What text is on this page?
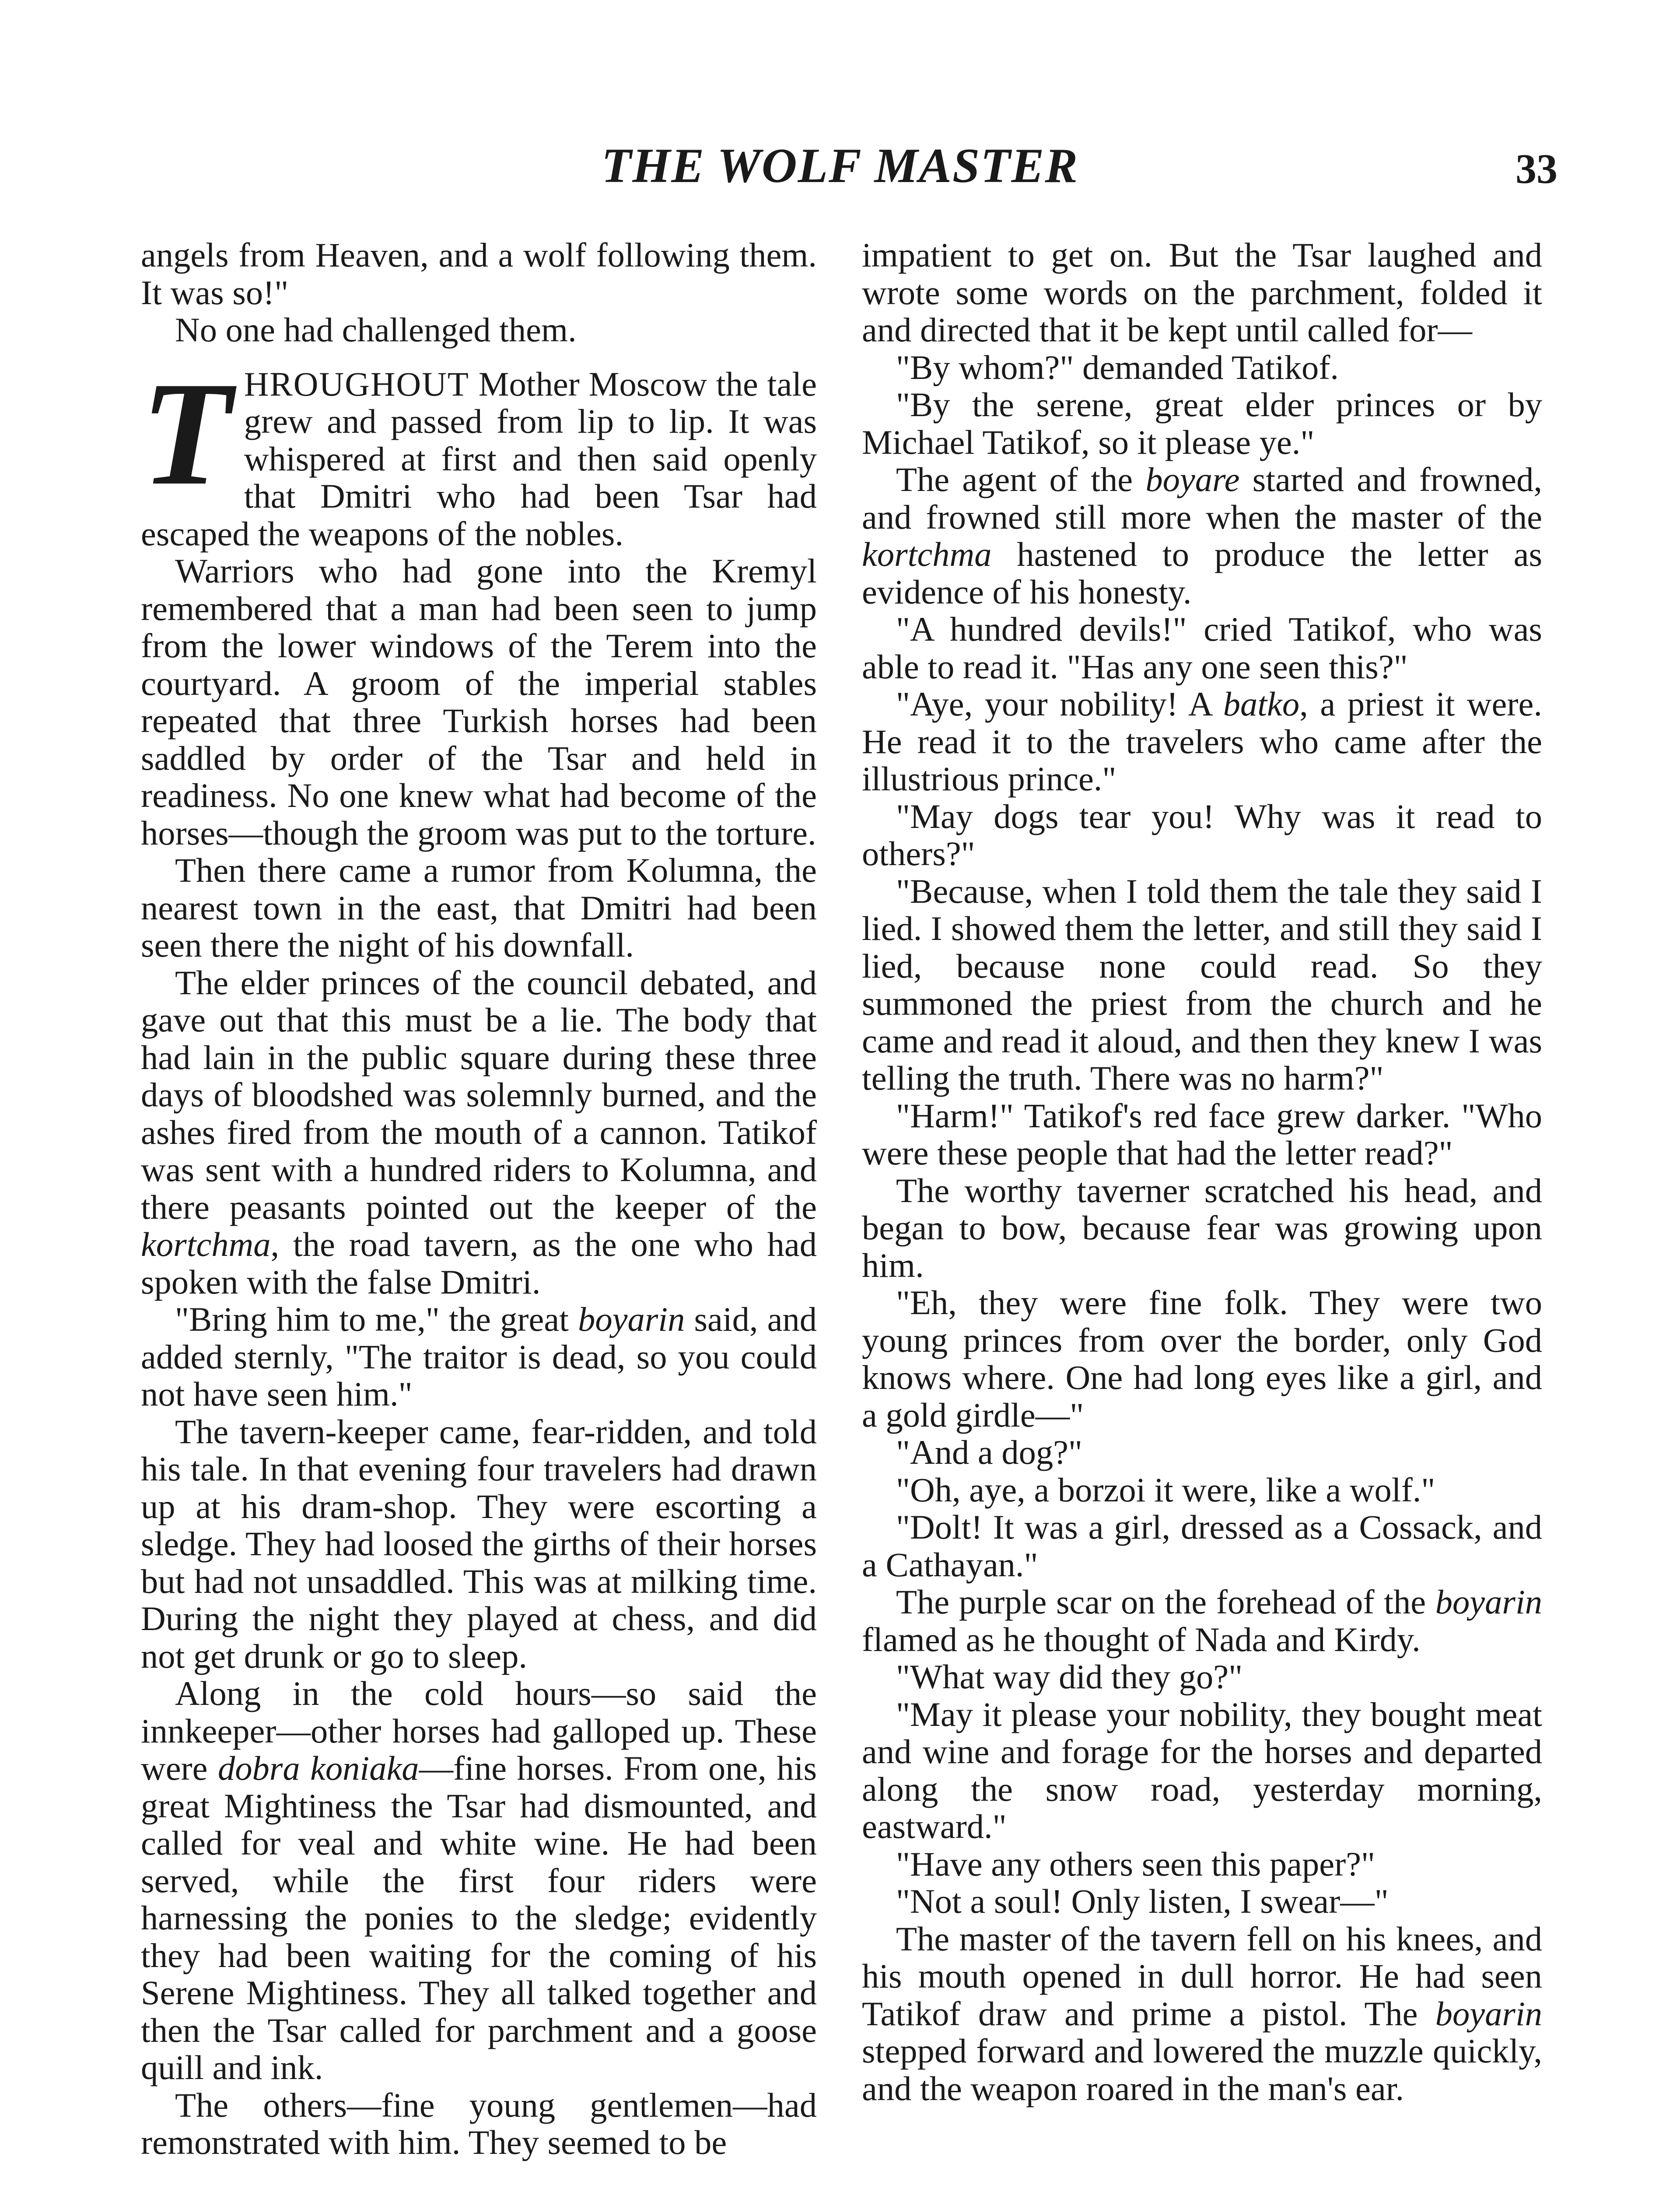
THE WOLF MASTER	33

angels from Heaven, and a wolf following them. It was so!"

No one had challenged them.

THROUGHOUT Mother Moscow the tale grew and passed from lip to lip. It was whispered at first and then said openly that Dmitri who had been Tsar had escaped the weapons of the nobles.

Warriors who had gone into the Kremyl remembered that a man had been seen to jump from the lower windows of the Terem into the courtyard. A groom of the imperial stables repeated that three Turkish horses had been saddled by order of the Tsar and held in readiness. No one knew what had become of the horses—though the groom was put to the torture.

Then there came a rumor from Kolumna, the nearest town in the east, that Dmitri had been seen there the night of his downfall.

The elder princes of the council debated, and gave out that this must be a lie. The body that had lain in the public square during these three days of bloodshed was solemnly burned, and the ashes fired from the mouth of a cannon. Tatikof was sent with a hundred riders to Kolumna, and there peasants pointed out the keeper of the kortchma, the road tavern, as the one who had spoken with the false Dmitri.

"Bring him to me," the great boyarin said, and added sternly, "The traitor is dead, so you could not have seen him."

The tavern-keeper came, fear-ridden, and told his tale. In that evening four travelers had drawn up at his dram-shop. They were escorting a sledge. They had loosed the girths of their horses but had not unsaddled. This was at milking time. During the night they played at chess, and did not get drunk or go to sleep.

Along in the cold hours—so said the innkeeper—other horses had galloped up. These were dobra koniaka—fine horses. From one, his great Mightiness the Tsar had dismounted, and called for veal and white wine. He had been served, while the first four riders were harnessing the ponies to the sledge; evidently they had been waiting for the coming of his Serene Mightiness. They all talked together and then the Tsar called for parchment and a goose quill and ink.

The others—fine young gentlemen—had remonstrated with him. They seemed to be

impatient to get on. But the Tsar laughed and wrote some words on the parchment, folded it and directed that it be kept until called for—

"By whom?" demanded Tatikof.

"By the serene, great elder princes or by Michael Tatikof, so it please ye."

The agent of the boyare started and frowned, and frowned still more when the master of the kortchma hastened to produce the letter as evidence of his honesty.

"A hundred devils!" cried Tatikof, who was able to read it. "Has any one seen this?"

"Aye, your nobility! A batko, a priest it were. He read it to the travelers who came after the illustrious prince."

"May dogs tear you! Why was it read to others?"

"Because, when I told them the tale they said I lied. I showed them the letter, and still they said I lied, because none could read. So they summoned the priest from the church and he came and read it aloud, and then they knew I was telling the truth. There was no harm?"

"Harm!" Tatikof's red face grew darker. "Who were these people that had the letter read?"

The worthy taverner scratched his head, and began to bow, because fear was growing upon him.

"Eh, they were fine folk. They were two young princes from over the border, only God knows where. One had long eyes like a girl, and a gold girdle—"

"And a dog?"

"Oh, aye, a borzoi it were, like a wolf."

"Dolt! It was a girl, dressed as a Cossack, and a Cathayan."

The purple scar on the forehead of the boyarin flamed as he thought of Nada and Kirdy.

"What way did they go?"

"May it please your nobility, they bought meat and wine and forage for the horses and departed along the snow road, yesterday morning, eastward."

"Have any others seen this paper?"

"Not a soul! Only listen, I swear—"

The master of the tavern fell on his knees, and his mouth opened in dull horror. He had seen Tatikof draw and prime a pistol. The boyarin stepped forward and lowered the muzzle quickly, and the weapon roared in the man's ear.
